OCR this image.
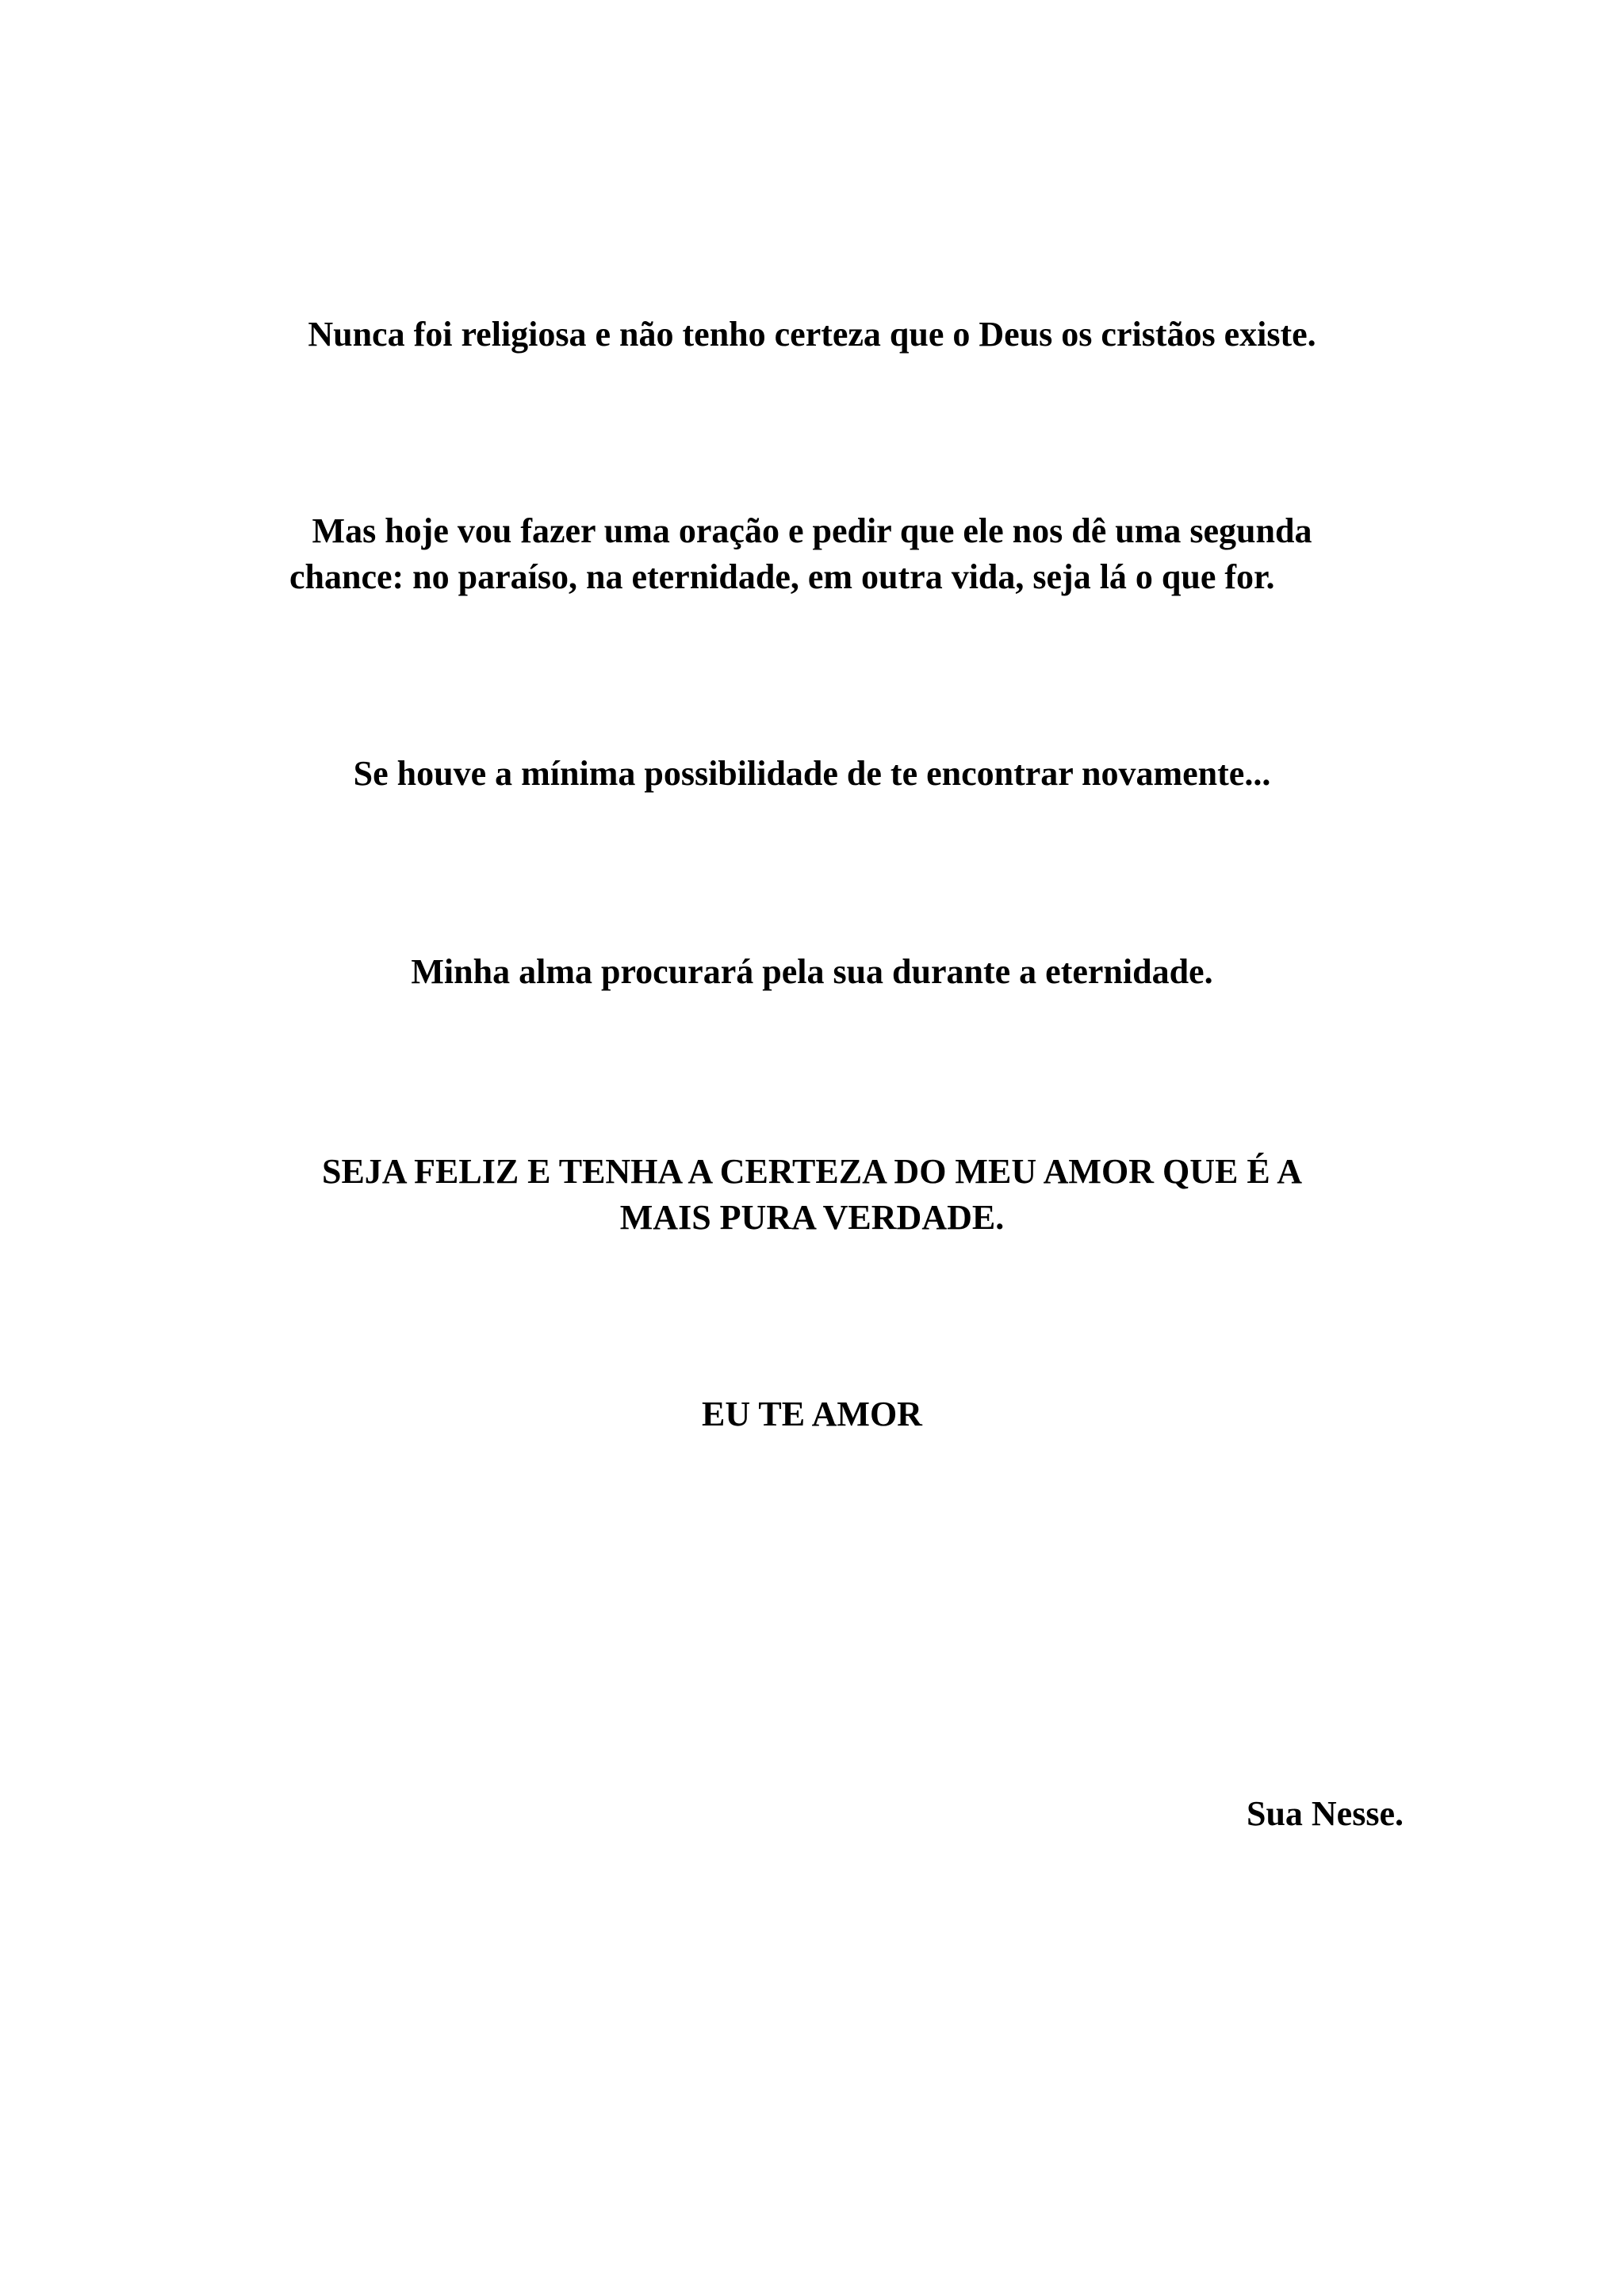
Nunca foi religiosa e não tenho certeza que o Deus os cristãos existe.

Mas hoje vou fazer uma oração e pedir que ele nos dê uma segunda

chance: no paraíso, na eternidade, em outra vida, seja lá o que for.

Se houve a mínima possibilidade de te encontrar novamente...

Minha alma procurará pela sua durante a eternidade.

SEJA FELIZ E TENHA A CERTEZA DO MEU AMOR QUE É A

MAIS PURA VERDADE.

EU TE AMOR

Sua Nesse.
